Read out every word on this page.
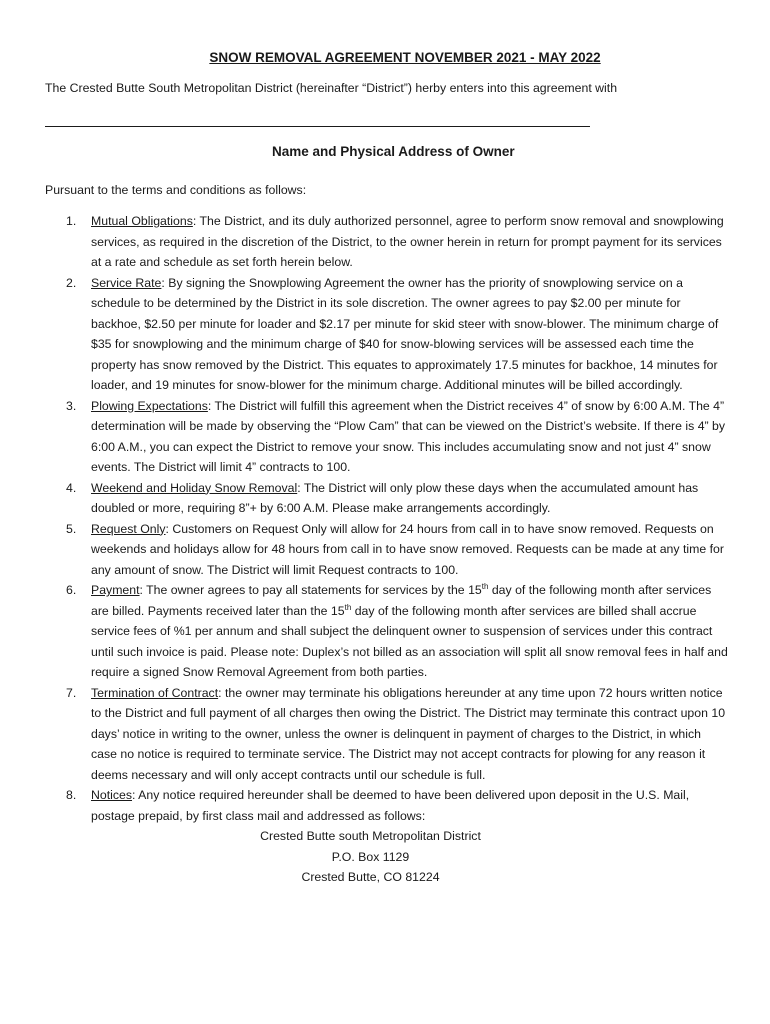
SNOW REMOVAL AGREEMENT NOVEMBER 2021 - MAY 2022

The Crested Butte South Metropolitan District (hereinafter “District”) herby enters into this agreement with

Name and Physical Address of Owner

Pursuant to the terms and conditions as follows:

1. Mutual Obligations: The District, and its duly authorized personnel, agree to perform snow removal and snowplowing services, as required in the discretion of the District, to the owner herein in return for prompt payment for its services at a rate and schedule as set forth herein below.
2. Service Rate: By signing the Snowplowing Agreement the owner has the priority of snowplowing service on a schedule to be determined by the District in its sole discretion. The owner agrees to pay $2.00 per minute for backhoe, $2.50 per minute for loader and $2.17 per minute for skid steer with snow-blower. The minimum charge of $35 for snowplowing and the minimum charge of $40 for snow-blowing services will be assessed each time the property has snow removed by the District. This equates to approximately 17.5 minutes for backhoe, 14 minutes for loader, and 19 minutes for snow-blower for the minimum charge. Additional minutes will be billed accordingly.
3. Plowing Expectations: The District will fulfill this agreement when the District receives 4” of snow by 6:00 A.M. The 4” determination will be made by observing the “Plow Cam” that can be viewed on the District’s website. If there is 4” by 6:00 A.M., you can expect the District to remove your snow. This includes accumulating snow and not just 4” snow events. The District will limit 4” contracts to 100.
4. Weekend and Holiday Snow Removal: The District will only plow these days when the accumulated amount has doubled or more, requiring 8”+ by 6:00 A.M. Please make arrangements accordingly.
5. Request Only: Customers on Request Only will allow for 24 hours from call in to have snow removed. Requests on weekends and holidays allow for 48 hours from call in to have snow removed. Requests can be made at any time for any amount of snow. The District will limit Request contracts to 100.
6. Payment: The owner agrees to pay all statements for services by the 15th day of the following month after services are billed. Payments received later than the 15th day of the following month after services are billed shall accrue service fees of %1 per annum and shall subject the delinquent owner to suspension of services under this contract until such invoice is paid. Please note: Duplex’s not billed as an association will split all snow removal fees in half and require a signed Snow Removal Agreement from both parties.
7. Termination of Contract: the owner may terminate his obligations hereunder at any time upon 72 hours written notice to the District and full payment of all charges then owing the District. The District may terminate this contract upon 10 days’ notice in writing to the owner, unless the owner is delinquent in payment of charges to the District, in which case no notice is required to terminate service. The District may not accept contracts for plowing for any reason it deems necessary and will only accept contracts until our schedule is full.
8. Notices: Any notice required hereunder shall be deemed to have been delivered upon deposit in the U.S. Mail, postage prepaid, by first class mail and addressed as follows:

Crested Butte south Metropolitan District

P.O. Box 1129

Crested Butte, CO 81224
